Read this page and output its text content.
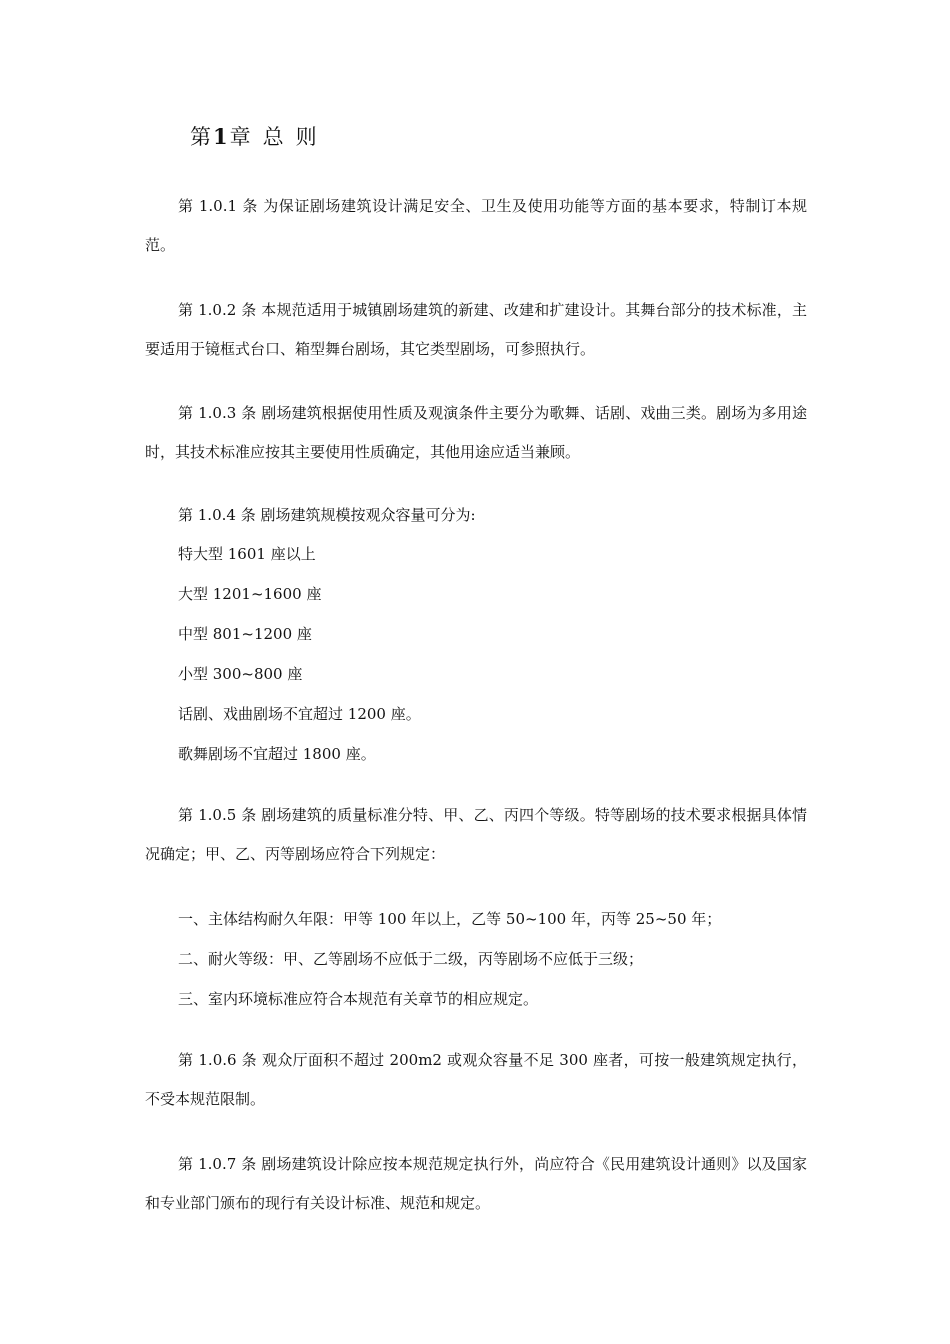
第1章 总 则

第 1.0.1 条 为保证剧场建筑设计满足安全、卫生及使用功能等方面的基本要求，特制订本规范。

第 1.0.2 条 本规范适用于城镇剧场建筑的新建、改建和扩建设计。其舞台部分的技术标准，主要适用于镜框式台口、箱型舞台剧场，其它类型剧场，可参照执行。

第 1.0.3 条 剧场建筑根据使用性质及观演条件主要分为歌舞、话剧、戏曲三类。剧场为多用途时，其技术标准应按其主要使用性质确定，其他用途应适当兼顾。

第 1.0.4 条 剧场建筑规模按观众容量可分为:
特大型 1601 座以上
大型 1201~1600 座
中型 801~1200 座
小型 300~800 座
话剧、戏曲剧场不宜超过 1200 座。
歌舞剧场不宜超过 1800 座。

第 1.0.5 条 剧场建筑的质量标准分特、甲、乙、丙四个等级。特等剧场的技术要求根据具体情况确定；甲、乙、丙等剧场应符合下列规定：

一、主体结构耐久年限：甲等 100 年以上，乙等 50~100 年，丙等 25~50 年；
二、耐火等级：甲、乙等剧场不应低于二级，丙等剧场不应低于三级；
三、室内环境标准应符合本规范有关章节的相应规定。

第 1.0.6 条 观众厅面积不超过 200m2 或观众容量不足 300 座者，可按一般建筑规定执行，不受本规范限制。

第 1.0.7 条 剧场建筑设计除应按本规范规定执行外，尚应符合《民用建筑设计通则》以及国家和专业部门颁布的现行有关设计标准、规范和规定。
